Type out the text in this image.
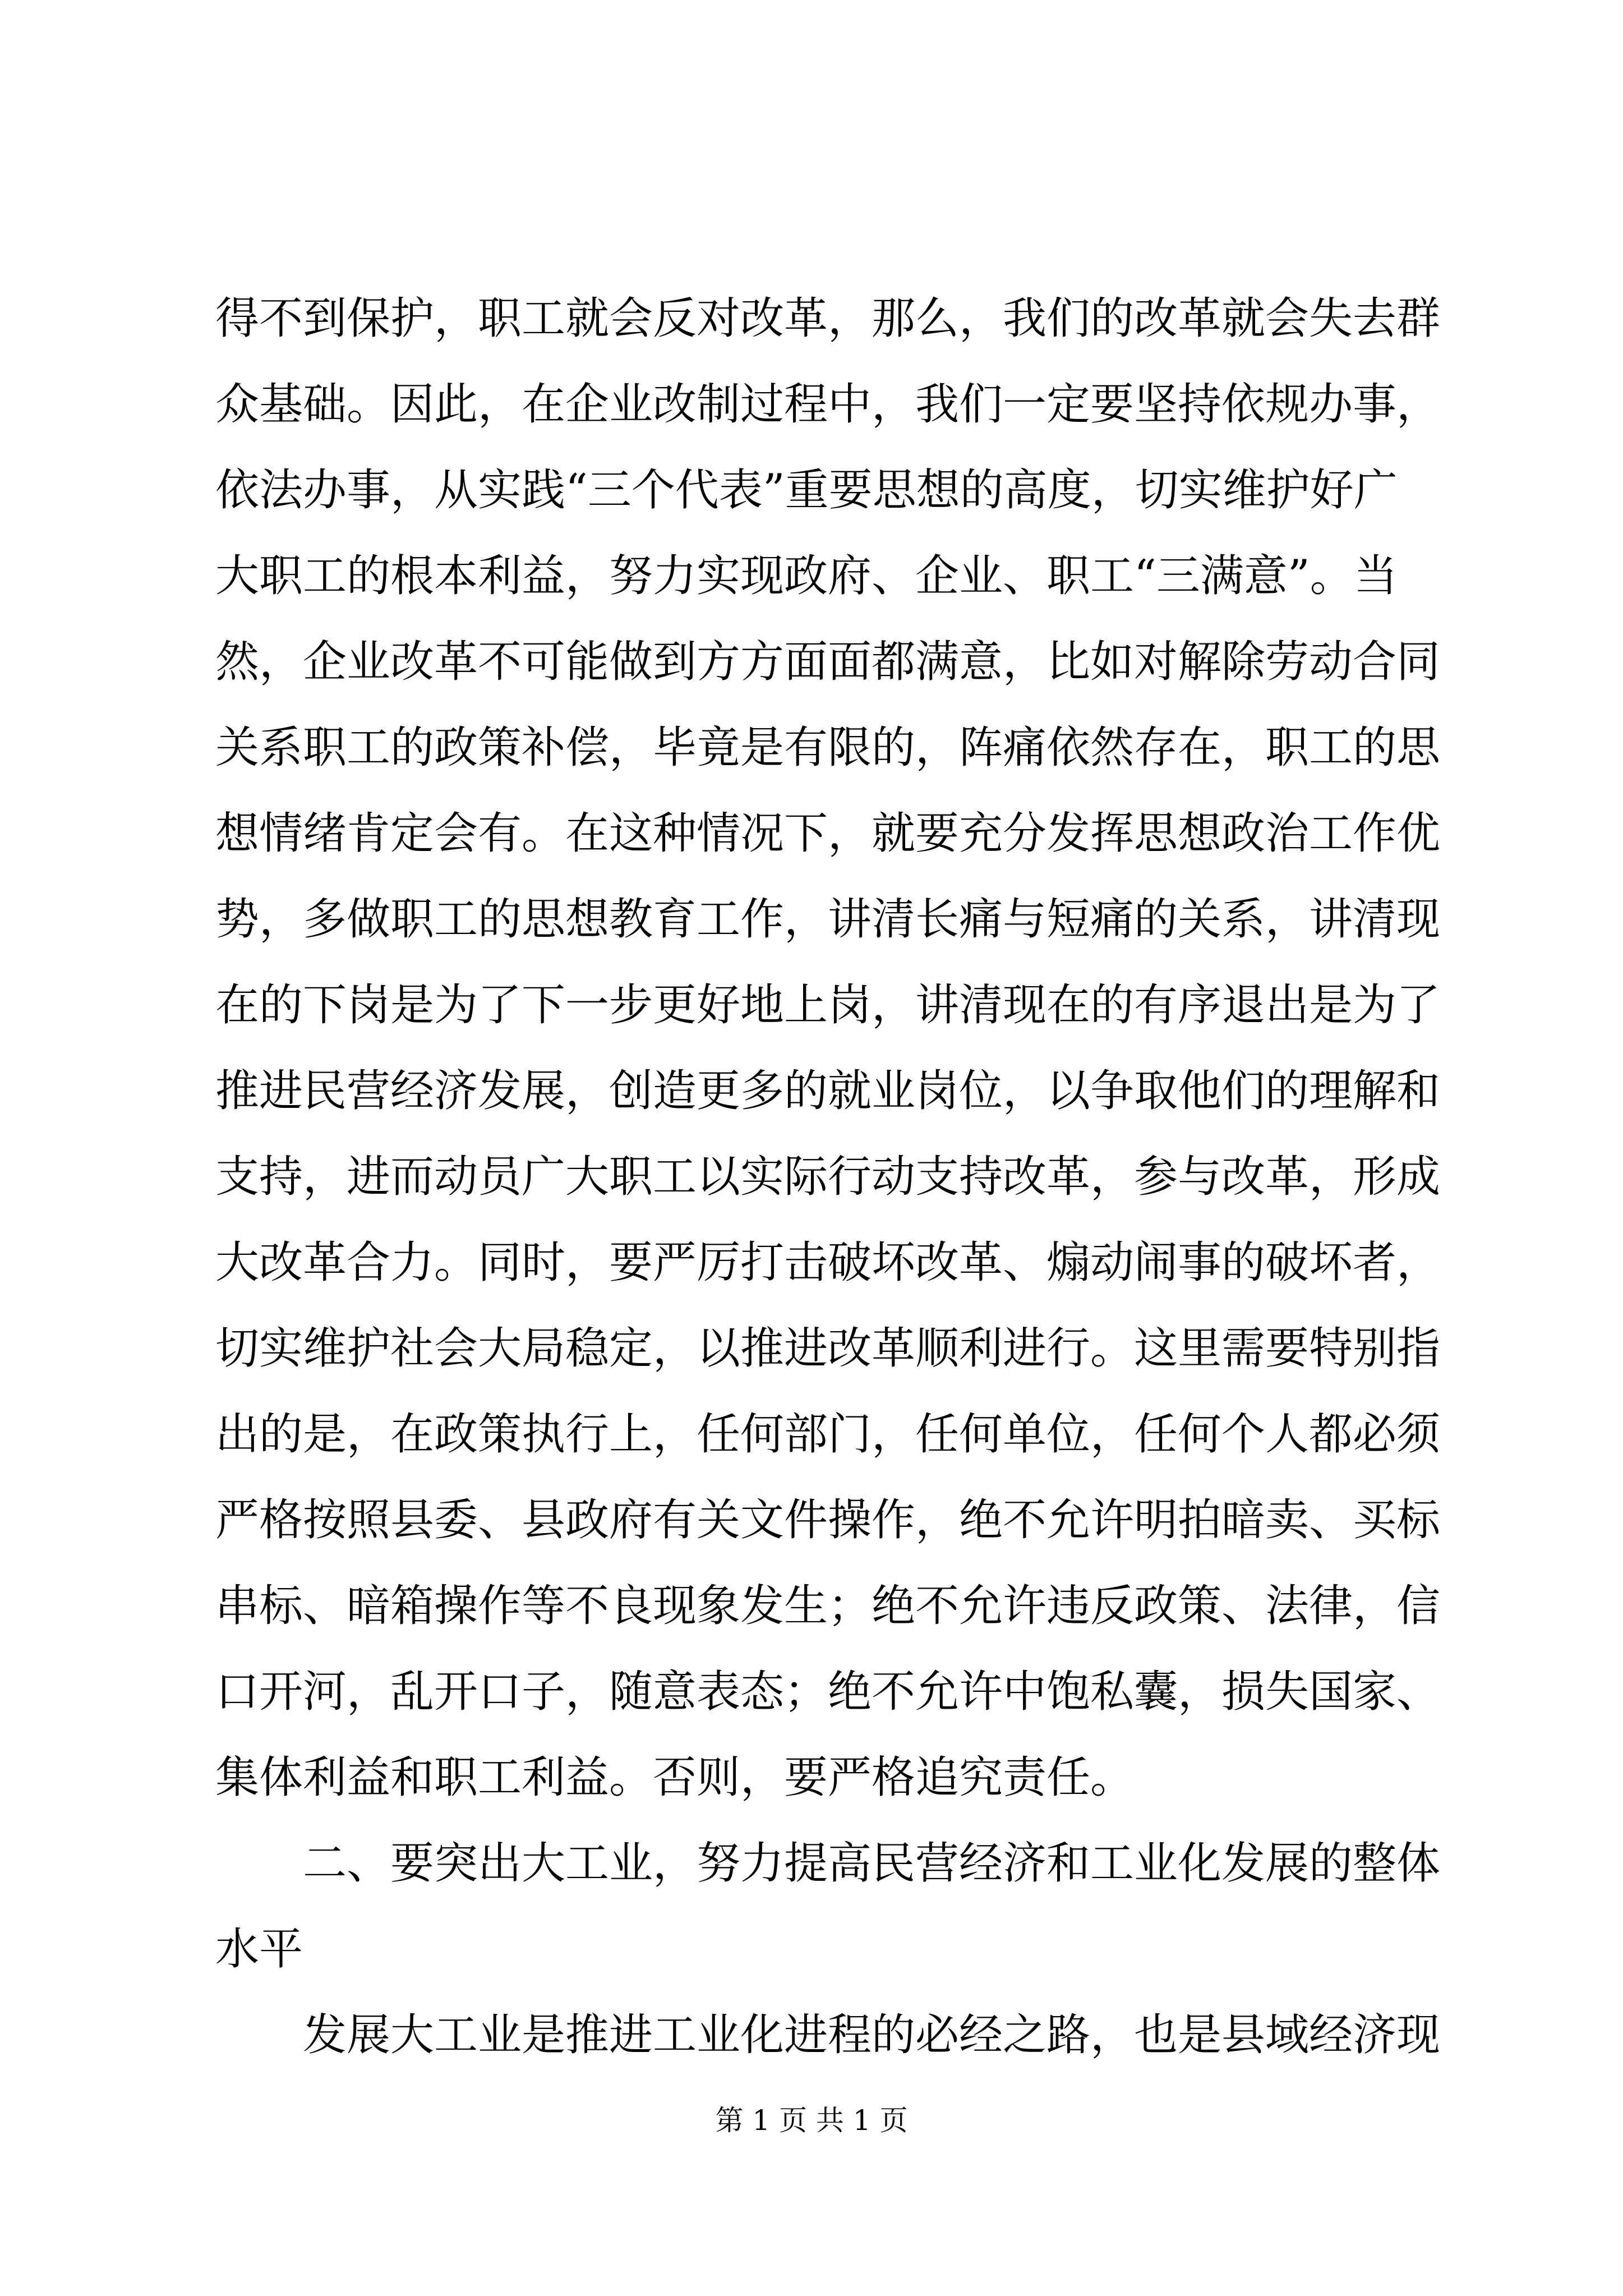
得不到保护，职工就会反对改革，那么，我们的改革就会失去群
众基础。因此，在企业改制过程中，我们一定要坚持依规办事，
依法办事，从实践“三个代表”重要思想的高度，切实维护好广
大职工的根本利益，努力实现政府、企业、职工“三满意”。当
然，企业改革不可能做到方方面面都满意，比如对解除劳动合同
关系职工的政策补偿，毕竟是有限的，阵痛依然存在，职工的思
想情绪肯定会有。在这种情况下，就要充分发挥思想政治工作优
势，多做职工的思想教育工作，讲清长痛与短痛的关系，讲清现
在的下岗是为了下一步更好地上岗，讲清现在的有序退出是为了
推进民营经济发展，创造更多的就业岗位，以争取他们的理解和
支持，进而动员广大职工以实际行动支持改革，参与改革，形成
大改革合力。同时，要严厉打击破坏改革、煽动闹事的破坏者，
切实维护社会大局稳定，以推进改革顺利进行。这里需要特别指
出的是，在政策执行上，任何部门，任何单位，任何个人都必须
严格按照县委、县政府有关文件操作，绝不允许明拍暗卖、买标
串标、暗箱操作等不良现象发生；绝不允许违反政策、法律，信
口开河，乱开口子，随意表态；绝不允许中饱私囊，损失国家、
集体利益和职工利益。否则，要严格追究责任。
二、要突出大工业，努力提高民营经济和工业化发展的整体
水平
发展大工业是推进工业化进程的必经之路，也是县域经济现
第 1 页 共 1 页
